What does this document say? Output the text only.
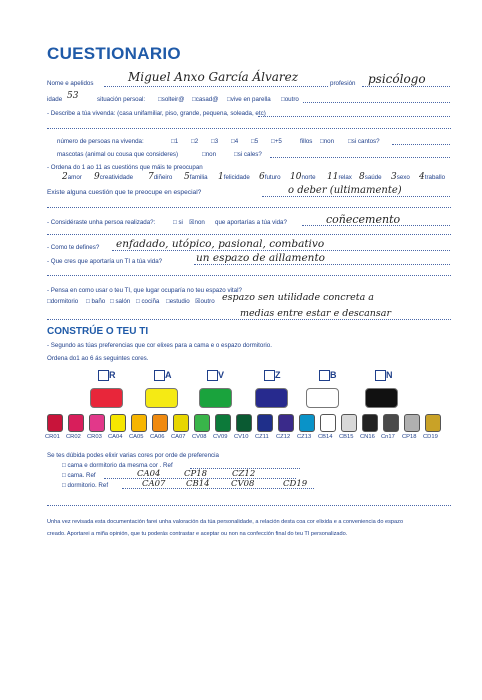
CUESTIONARIO
Nome e apelidos	Miguel Anxo García Álvarez	profesión psicólogo
idade 53	situación persoal: □solteir@ □casad@ □vive en parella □outro
- Describe a túa vivenda: (casa unifamiliar, piso, grande, pequena, soleada, etc)
número de persoas na vivenda:	□1 □2 □3 □4 □5 □+5	fillos □non □si cantos?
mascotas (animal ou cousa que consideres)	□non	□si cales?
- Ordena do 1 ao 11 as cuestións que máis te preocupan
2amor 9creatividade 7diñeiro 5familia 1felicidade 6futuro 10norte 11relax 8saúde 3sexo 4traballo
Existe alguna cuestión que te preocupe en especial?	o deber (ultimamente)
- Considéraste unha persoa realizada?:	□ si ☒non que aportarías a túa vida?	coñecemento
- Como te defines? enfadado, utópico, pasional, combativo
- Que cres que aportaría un TI a túa vida?	un espazo de aillamento
- Pensa en como usar o teu TI, que lugar ocuparía no teu espazo vital?
□dormitorio □ baño □ salón □ cociña □estudio ☒outro espazo sen utilidade concreta a
medias entre estar e descansar
CONSTRÚE O TEU TI
- Segundo as túas preferencias que cor elixes para a cama e o espazo dormitorio.
Ordena do1 ao 6 ás seguintes cores.
R	A	V	Z	B	N
CR01 CR02 CR03 CA04 CA05 CA06 CA07 CV08 CV09 CV10 CZ11 CZ12 CZ13 CB14 CB15 CN16 Cn17 CP18 CD19
Se tes dúbida podes elixir varias cores por orde de preferencia
□ cama e dormitorio da mesma cor . Ref
□ cama. Ref	CA04	CP18	CZ12
□ dormitorio. Ref	CA07 CB14	CV08	CD19
Unha vez revisada esta documentación farei unha valoración da túa personalidade, a relación desta coa cor elixida e a conveniencia do espazo
creado. Aportarei a miña opinión, que tu poderás contrastar e aceptar ou non na confección final do teu TI personalizado.
